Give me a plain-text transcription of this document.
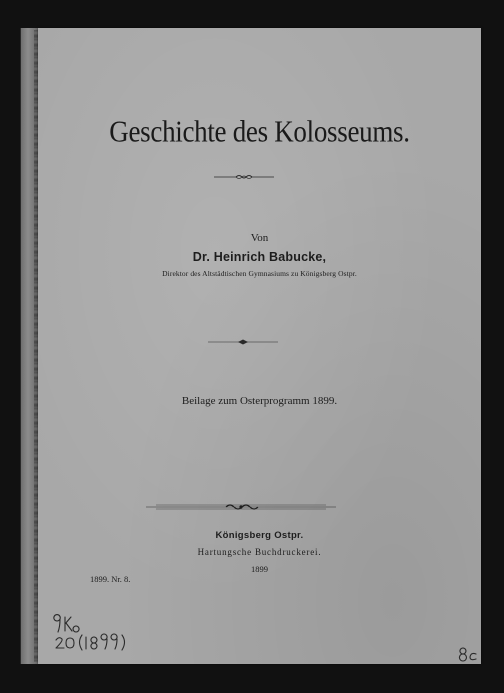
Geschichte des Kolosseums.
Von
Dr. Heinrich Babucke,
Direktor des Altstädtischen Gymnasiums zu Königsberg Ostpr.
Beilage zum Osterprogramm 1899.
Königsberg Ostpr.
Hartungsche Buchdruckerei.
1899
1899. Nr. 8.
